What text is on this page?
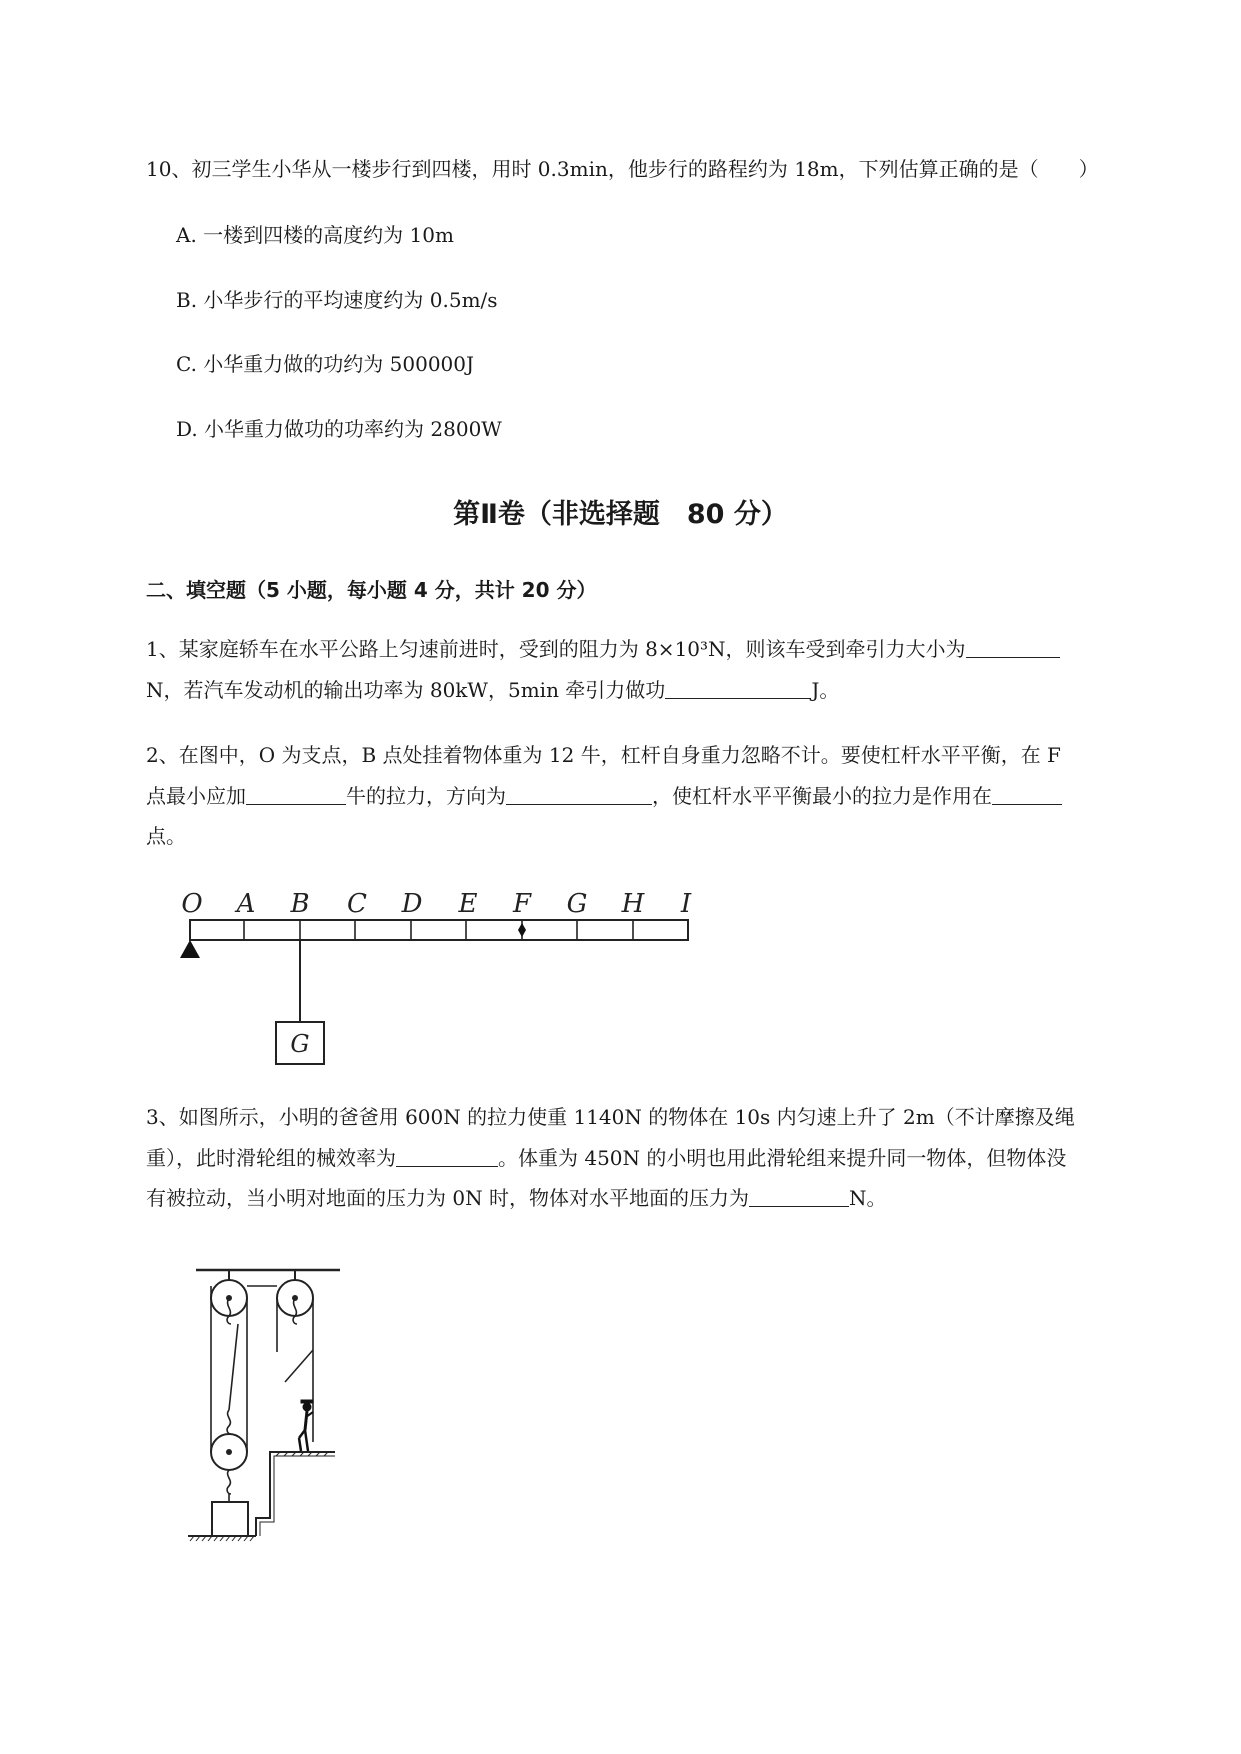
10、初三学生小华从一楼步行到四楼，用时 0.3min，他步行的路程约为 18m，下列估算正确的是（　　）
A. 一楼到四楼的高度约为 10m
B. 小华步行的平均速度约为 0.5m/s
C. 小华重力做的功约为 500000J
D. 小华重力做功的功率约为 2800W
第Ⅱ卷（非选择题　80 分）
二、填空题（5 小题，每小题 4 分，共计 20 分）
1、某家庭轿车在水平公路上匀速前进时，受到的阻力为 8×10³N，则该车受到牵引力大小为
N，若汽车发动机的输出功率为 80kW，5min 牵引力做功	J。
2、在图中，O 为支点，B 点处挂着物体重为 12 牛，杠杆自身重力忽略不计。要使杠杆水平平衡，在 F
点最小应加	牛的拉力，方向为	，使杠杆水平平衡最小的拉力是作用在
点。
O A B C D E F G H I
G
3、如图所示，小明的爸爸用 600N 的拉力使重 1140N 的物体在 10s 内匀速上升了 2m（不计摩擦及绳
重），此时滑轮组的械效率为	。体重为 450N 的小明也用此滑轮组来提升同一物体，但物体没
有被拉动，当小明对地面的压力为 0N 时，物体对水平地面的压力为	N。
